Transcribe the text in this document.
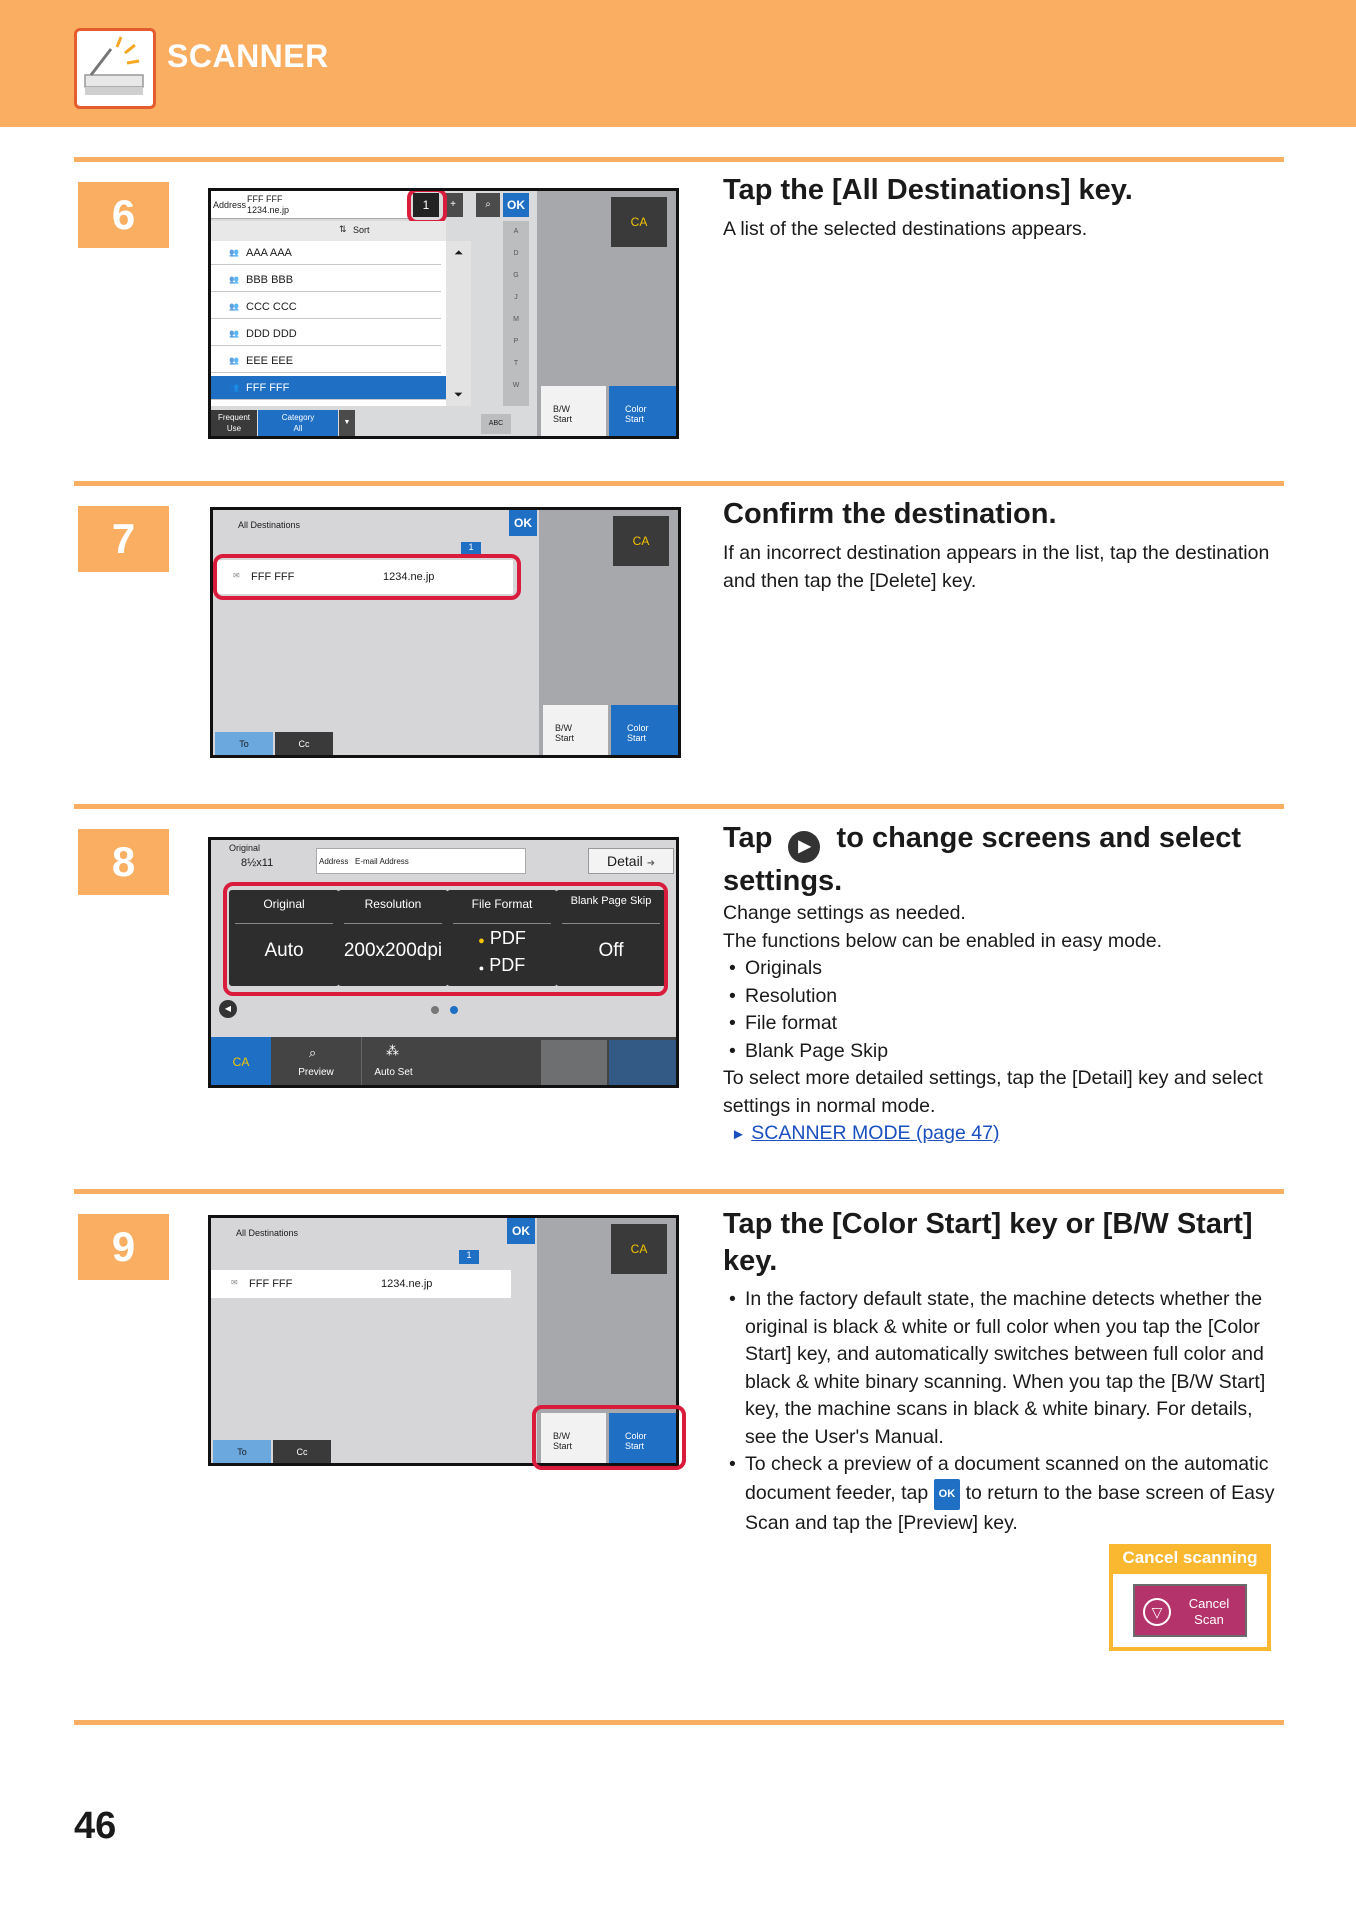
SCANNER
6	Address
FFF FFF
1234.ne.jp	1	+	⌕	OK
⇅ Sort
👥 AAA AAA
👥 BBB BBB
👥 CCC CCC
👥 DDD DDD
👥 EEE EEE
👥 FFF FFF
⏶
⏷
A
D
G
J
M
P
T
W
Frequent Use
Category
All
▼	ABC
CA
B/W
Start
Color
Start
Tap the [All Destinations] key.
A list of the selected destinations appears.
7	All Destinations	OK
1
✉ FFF FFF	1234.ne.jp
To	Cc
CA
B/W
Start
Color
Start
Confirm the destination.
If an incorrect destination appears in the list, tap the destination and then tap the [Delete] key.
8	Original
8½x11	Address E-mail Address	Detail ➜
Original
Auto
Resolution
200x200dpi
File Format
● PDF
● PDF
Blank Page Skip
Off
◀
CA
⌕
Preview
⁂
Auto Set
Tap ▶ to change screens and select settings.
Change settings as needed.
The functions below can be enabled in easy mode.
• Originals
• Resolution
• File format
• Blank Page Skip
To select more detailed settings, tap the [Detail] key and select settings in normal mode.
► SCANNER MODE (page 47)
9	All Destinations	OK
1
✉ FFF FFF	1234.ne.jp
To	Cc
CA
B/W
Start
Color
Start
Tap the [Color Start] key or [B/W Start] key.
• In the factory default state, the machine detects whether the original is black & white or full color when you tap the [Color Start] key, and automatically switches between full color and black & white binary scanning. When you tap the [B/W Start] key, the machine scans in black & white binary. For details, see the User's Manual.
• To check a preview of a document scanned on the automatic document feeder, tap OK to return to the base screen of Easy Scan and tap the [Preview] key.
Cancel scanning
▽
Cancel
Scan
46
